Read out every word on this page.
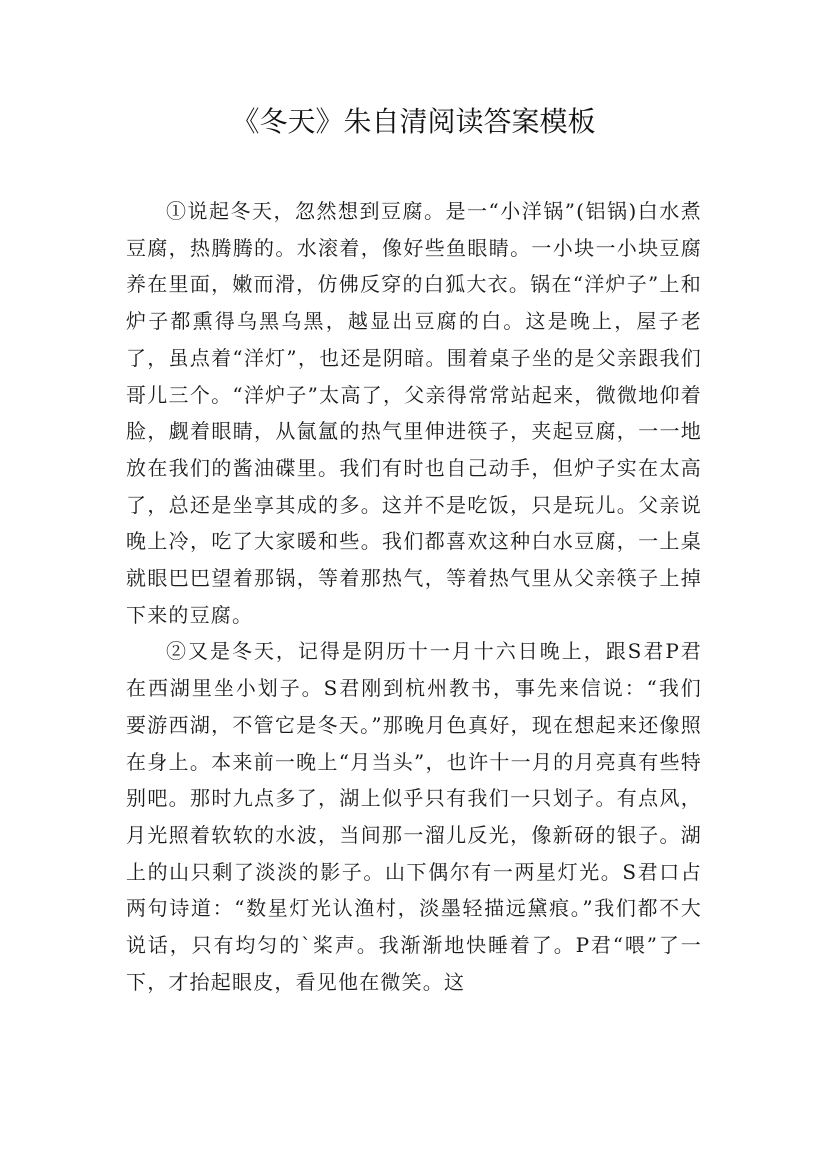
《冬天》朱自清阅读答案模板

①说起冬天，忽然想到豆腐。是一“小洋锅”(铝锅)白水煮豆腐，热腾腾的。水滚着，像好些鱼眼睛。一小块一小块豆腐养在里面，嫩而滑，仿佛反穿的白狐大衣。锅在“洋炉子”上和炉子都熏得乌黑乌黑，越显出豆腐的白。这是晚上，屋子老了，虽点着“洋灯”，也还是阴暗。围着桌子坐的是父亲跟我们哥儿三个。“洋炉子”太高了，父亲得常常站起来，微微地仰着脸，觑着眼睛，从氤氲的热气里伸进筷子，夹起豆腐，一一地放在我们的酱油碟里。我们有时也自己动手，但炉子实在太高了，总还是坐享其成的多。这并不是吃饭，只是玩儿。父亲说晚上冷，吃了大家暖和些。我们都喜欢这种白水豆腐，一上桌就眼巴巴望着那锅，等着那热气，等着热气里从父亲筷子上掉下来的豆腐。

②又是冬天，记得是阴历十一月十六日晚上，跟S君P君在西湖里坐小划子。S君刚到杭州教书，事先来信说：“我们要游西湖，不管它是冬天。”那晚月色真好，现在想起来还像照在身上。本来前一晚上“月当头”，也许十一月的月亮真有些特别吧。那时九点多了，湖上似乎只有我们一只划子。有点风，月光照着软软的水波，当间那一溜儿反光，像新砑的银子。湖上的山只剩了淡淡的影子。山下偶尔有一两星灯光。S君口占两句诗道：“数星灯光认渔村，淡墨轻描远黛痕。”我们都不大说话，只有均匀的`桨声。我渐渐地快睡着了。P君“喂”了一下，才抬起眼皮，看见他在微笑。这
